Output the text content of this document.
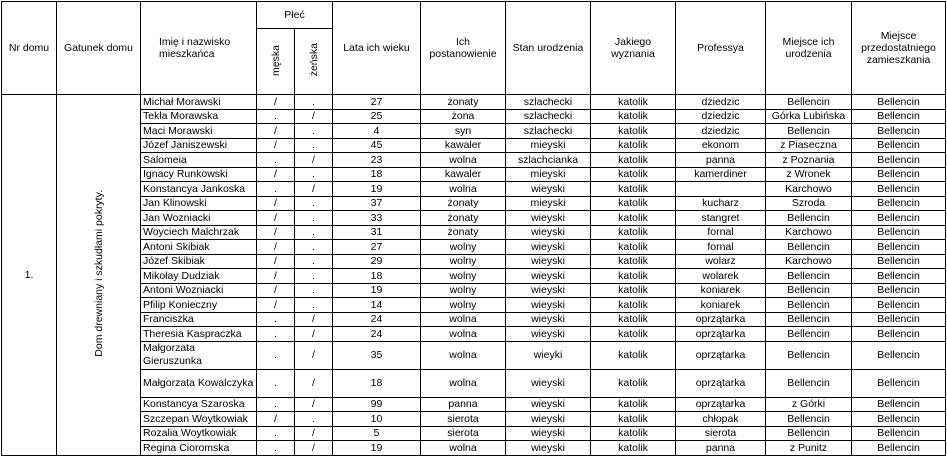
Nr domu	Gatunek domu	Imię i nazwisko mieszkańca	Płeć		Lata ich wieku	Ich postanowienie	Stan urodzenia	Jakiego wyznania	Professya	Miejsce ich urodzenia	Miejsce przedostatniego zamieszkania
			męska	żeńska							
1.	Dom drewniany i szkudłami pokryty.	Michał Morawski	/	.	27	żonaty	szlachecki	katolik	dziedzic	Bellencin	Bellencin
		Tekla Morawska	.	/	25	żona	szlachecki	katolik	dziedzic	Górka Lubińska	Bellencin
		Maci Morawski	/	.	4	syn	szlachecki	katolik	dziedzic	Bellencin	Bellencin
		Józef Janiszewski	/	.	45	kawaler	mieyski	katolik	ekonom	z Piaseczna	Bellencin
		Salomeia	.	/	23	wolna	szlachcianka	katolik	panna	z Poznania	Bellencin
		Ignacy Runkowski	/	.	18	kawaler	mieyski	katolik	kamerdiner	z Wronek	Bellencin
		Konstancya Jankoska	.	/	19	wolna	wieyski	katolik		Karchowo	Bellencin
		Jan Klinowski	/	.	37	żonaty	mieyski	katolik	kucharz	Szroda	Bellencin
		Jan Wozniacki	/	.	33	żonaty	wieyski	katolik	stangret	Bellencin	Bellencin
		Woyciech Malchrzak	/	.	31	żonaty	wieyski	katolik	fornal	Karchowo	Bellencin
		Antoni Skibiak	/	.	27	wolny	wieyski	katolik	fornal	Bellencin	Bellencin
		Józef Skibiak	/	.	29	wolny	wieyski	katolik	wolarz	Karchowo	Bellencin
		Mikołay Dudziak	/	.	18	wolny	wieyski	katolik	wolarek	Bellencin	Bellencin
		Antoni Wozniacki	/	.	19	wolny	wieyski	katolik	koniarek	Bellencin	Bellencin
		Pfilip Konieczny	/	.	14	wolny	wieyski	katolik	koniarek	Bellencin	Bellencin
		Franciszka	.	/	24	wolna	wieyski	katolik	oprzątarka	Bellencin	Bellencin
		Theresia Kaspraczka	.	/	24	wolna	wieyski	katolik	oprzątarka	Bellencin	Bellencin
		Małgorzata Gieruszunka	.	/	35	wolna	wieyki	katolik	oprzątarka	Bellencin	Bellencin
		Małgorzata Kowalczyka	.	/	18	wolna	wieyski	katolik	oprzątarka	Bellencin	Bellencin
		Konstancya Szaroska	.	/	99	panna	wieyski	katolik	oprzątarka	z Górki	Bellencin
		Szczepan Woytkowiak	/	.	10	sierota	wieyski	katolik	chłopak	Bellencin	Bellencin
		Rozalia Woytkowiak	.	/	5	sierota	wieyski	katolik	sierota	Bellencin	Bellencin
		Regina Cioromska	.	/	19	wolna	wieyski	katolik	panna	z Punitz	Bellencin
